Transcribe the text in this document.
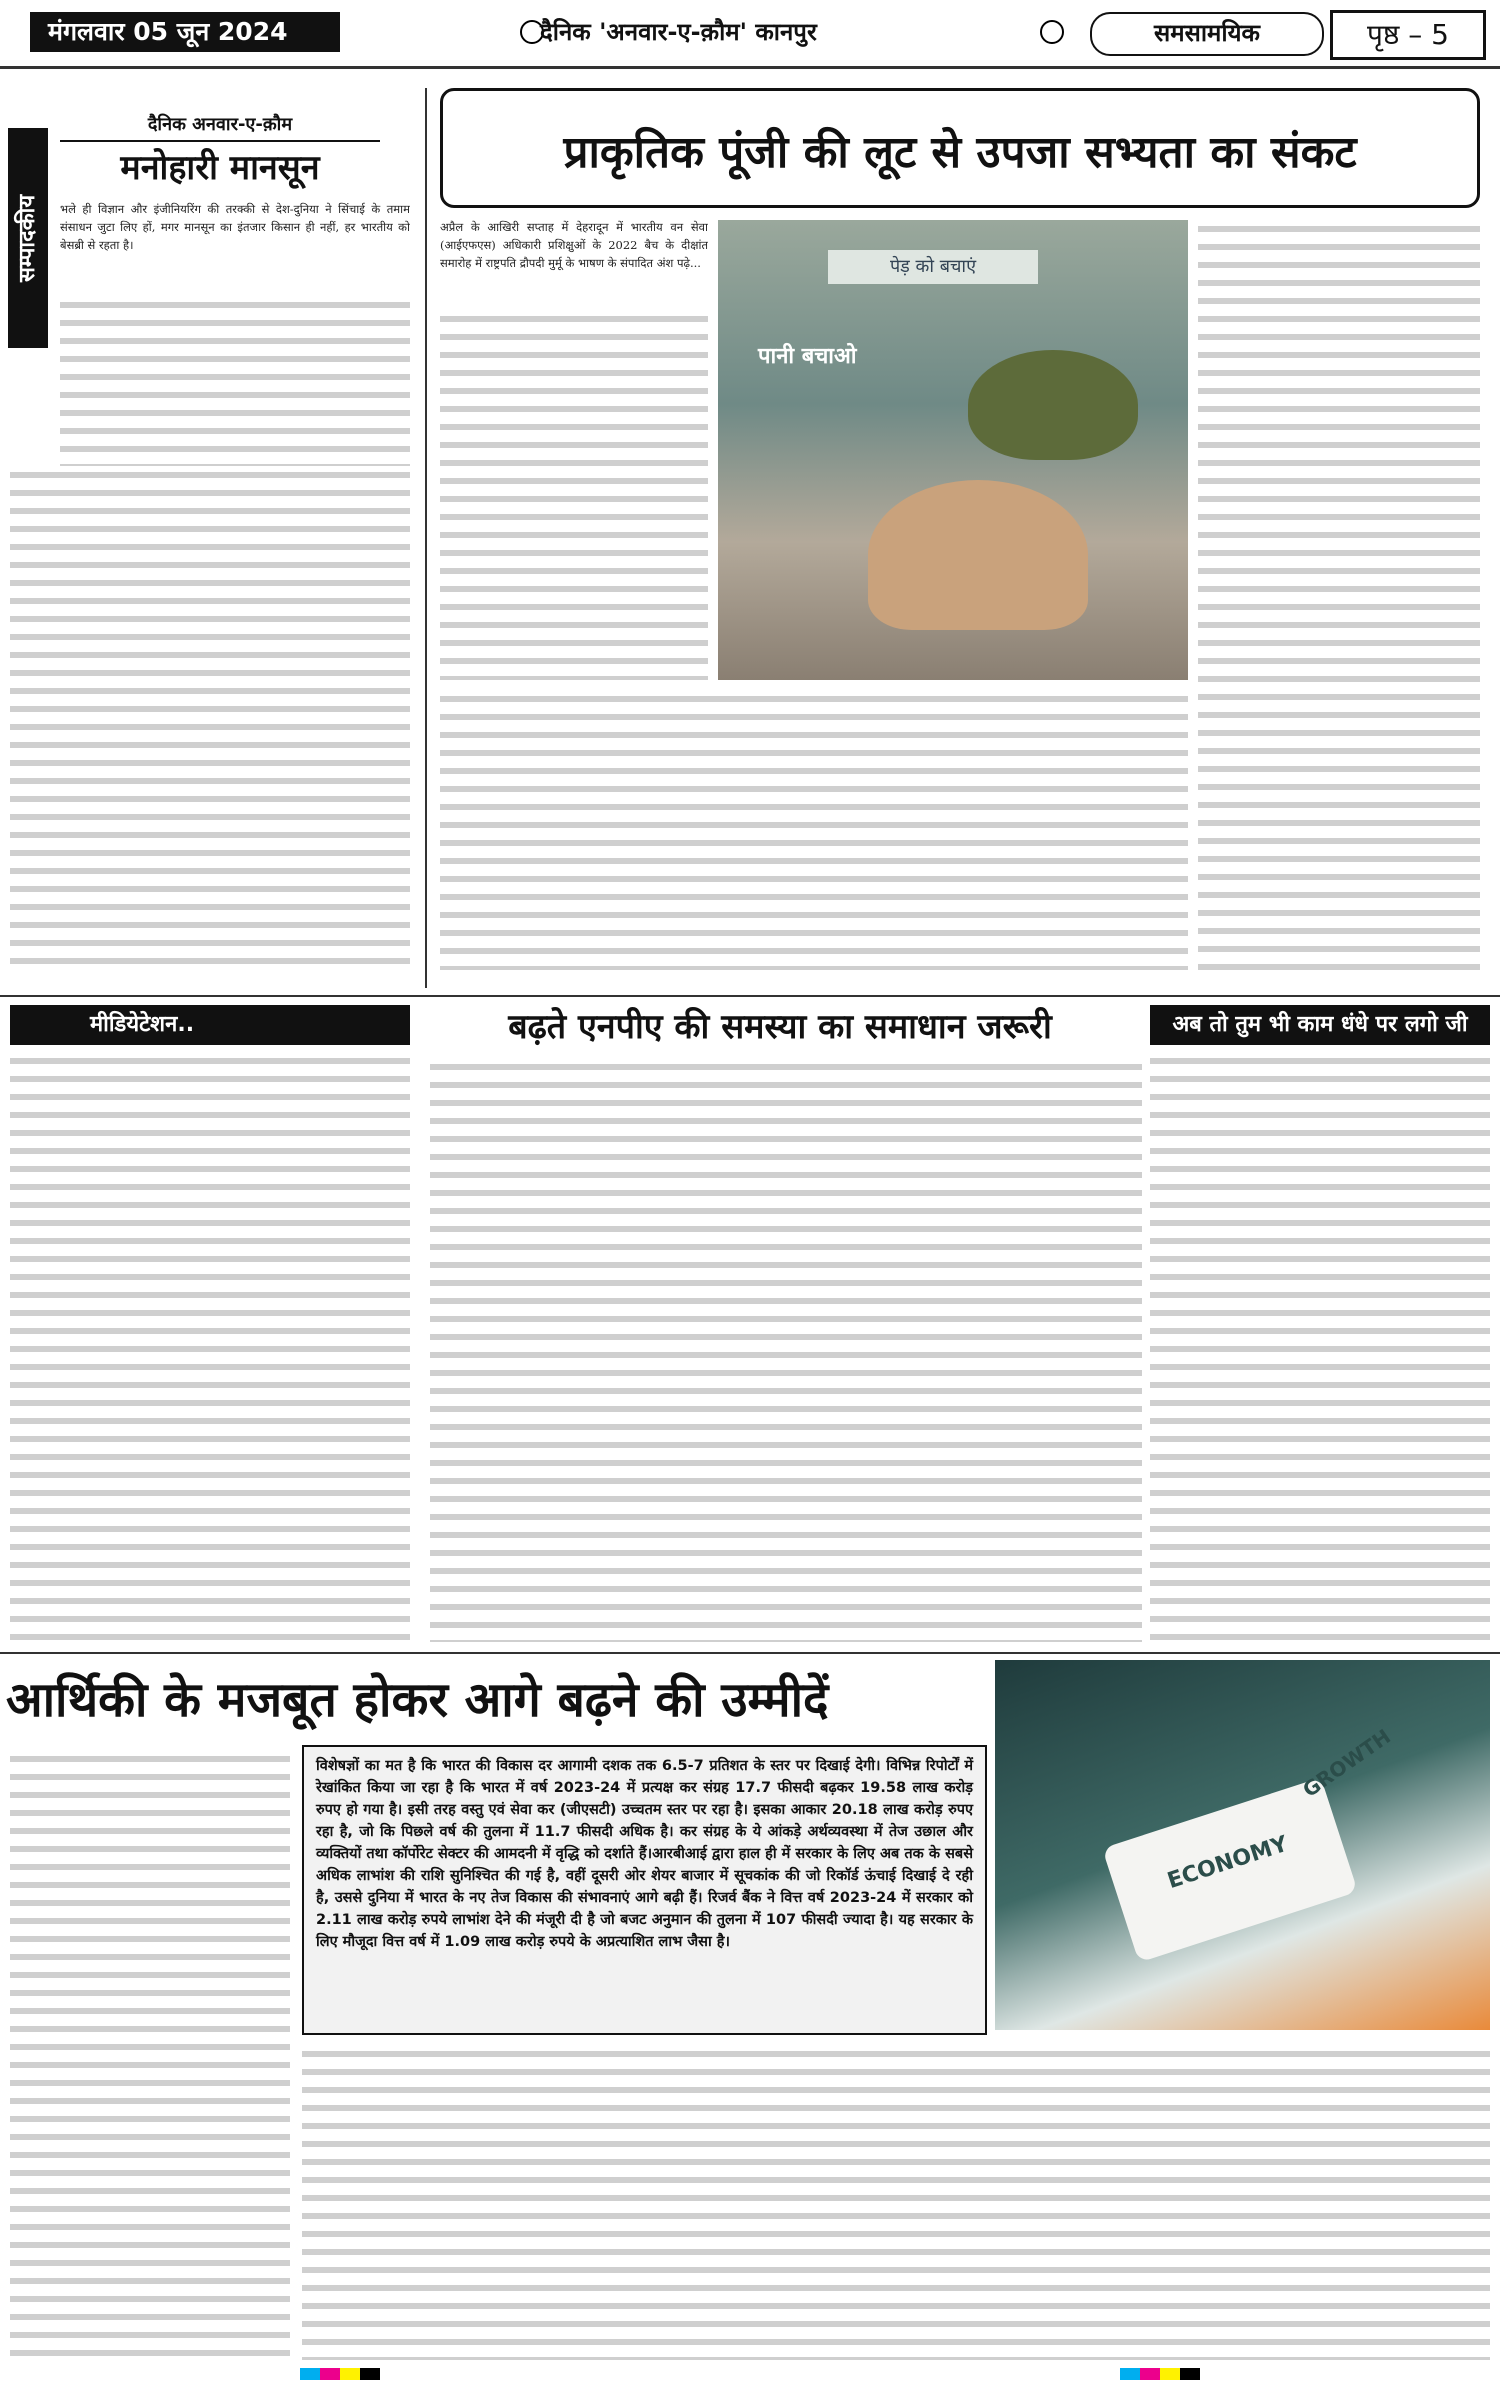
मंगलवार 05 जून 2024	दैनिक 'अनवार-ए-क़ौम' कानपुर	समसामयिक	पृष्ठ – 5
सम्पादकीय
दैनिक अनवार-ए-क़ौम
मनोहारी मानसून
भले ही विज्ञान और इंजीनियरिंग की तरक्की से देश-दुनिया ने सिंचाई के तमाम संसाधन जुटा लिए हों, मगर मानसून का इंतजार किसान ही नहीं, हर भारतीय को बेसब्री से रहता है।
प्राकृतिक पूंजी की लूट से उपजा सभ्यता का संकट
अप्रैल के आखिरी सप्ताह में देहरादून में भारतीय वन सेवा (आईएफएस) अधिकारी प्रशिक्षुओं के 2022 बैच के दीक्षांत समारोह में राष्ट्रपति द्रौपदी मुर्मू के भाषण के संपादित अंश पढ़े...	पेड़ को बचाएं
पानी बचाओ
मीडियेटेशन..	बढ़ते एनपीए की समस्या का समाधान जरूरी	अब तो तुम भी काम धंधे पर लगो जी
आर्थिकी के मजबूत होकर आगे बढ़ने की उम्मीदें
ECONOMY
GROWTH
विशेषज्ञों का मत है कि भारत की विकास दर आगामी दशक तक 6.5-7 प्रतिशत के स्तर पर दिखाई देगी। विभिन्न रिपोर्टों में रेखांकित किया जा रहा है कि भारत में वर्ष 2023-24 में प्रत्यक्ष कर संग्रह 17.7 फीसदी बढ़कर 19.58 लाख करोड़ रुपए हो गया है। इसी तरह वस्तु एवं सेवा कर (जीएसटी) उच्चतम स्तर पर रहा है। इसका आकार 20.18 लाख करोड़ रुपए रहा है, जो कि पिछले वर्ष की तुलना में 11.7 फीसदी अधिक है। कर संग्रह के ये आंकड़े अर्थव्यवस्था में तेज उछाल और व्यक्तियों तथा कॉर्पोरेट सेक्टर की आमदनी में वृद्धि को दर्शाते हैं।आरबीआई द्वारा हाल ही में सरकार के लिए अब तक के सबसे अधिक लाभांश की राशि सुनिश्चित की गई है, वहीं दूसरी ओर शेयर बाजार में सूचकांक की जो रिकॉर्ड ऊंचाई दिखाई दे रही है, उससे दुनिया में भारत के नए तेज विकास की संभावनाएं आगे बढ़ी हैं। रिजर्व बैंक ने वित्त वर्ष 2023-24 में सरकार को 2.11 लाख करोड़ रुपये लाभांश देने की मंजूरी दी है जो बजट अनुमान की तुलना में 107 फीसदी ज्यादा है। यह सरकार के लिए मौजूदा वित्त वर्ष में 1.09 लाख करोड़ रुपये के अप्रत्याशित लाभ जैसा है।
